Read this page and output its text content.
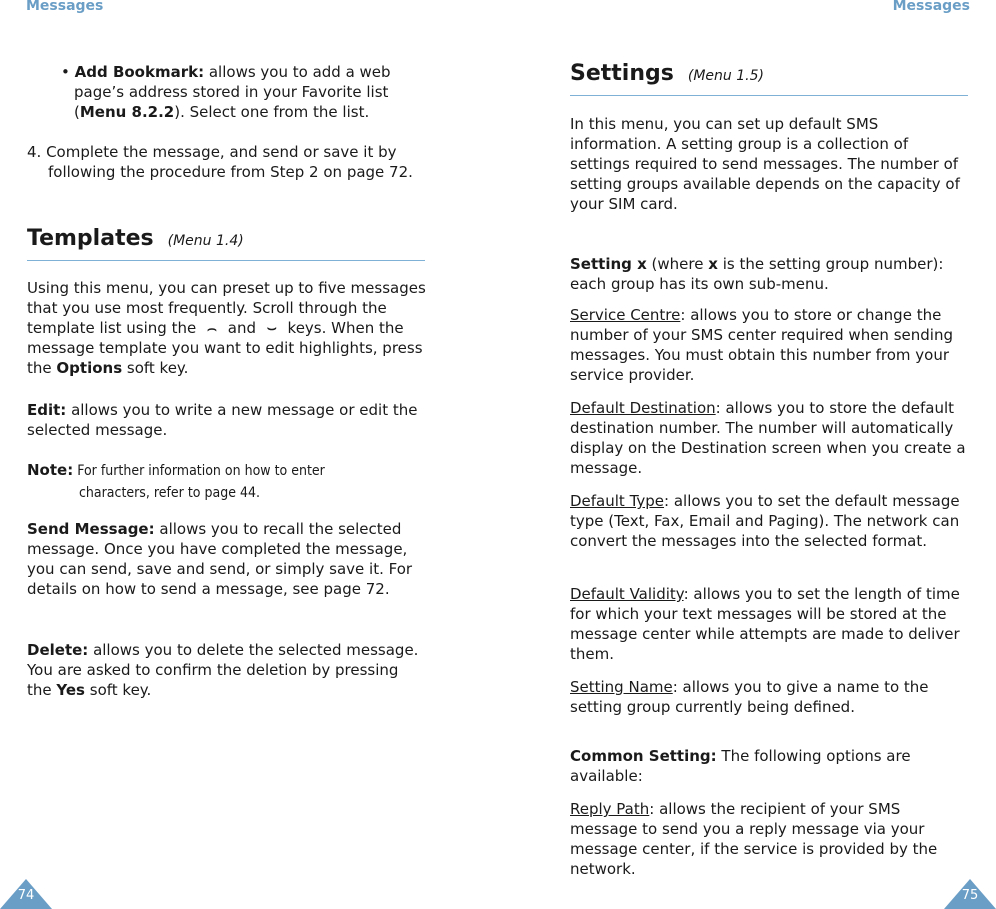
Messages

• Add Bookmark: allows you to add a web page’s address stored in your Favorite list (Menu 8.2.2). Select one from the list.

4. Complete the message, and send or save it by following the procedure from Step 2 on page 72.

Templates (Menu 1.4)

Using this menu, you can preset up to five messages that you use most frequently. Scroll through the template list using the ⌢ and ⌣ keys. When the message template you want to edit highlights, press the Options soft key.

Edit: allows you to write a new message or edit the selected message.

Note: For further information on how to enter

characters, refer to page 44.

Send Message: allows you to recall the selected message. Once you have completed the message, you can send, save and send, or simply save it. For details on how to send a message, see page 72.

Delete: allows you to delete the selected message. You are asked to confirm the deletion by pressing the Yes soft key.

74
Messages
Settings (Menu 1.5)

In this menu, you can set up default SMS information. A setting group is a collection of settings required to send messages. The number of setting groups available depends on the capacity of your SIM card.

Setting x (where x is the setting group number): each group has its own sub-menu.

Service Centre: allows you to store or change the number of your SMS center required when sending messages. You must obtain this number from your service provider.

Default Destination: allows you to store the default destination number. The number will automatically display on the Destination screen when you create a message.

Default Type: allows you to set the default message type (Text, Fax, Email and Paging). The network can convert the messages into the selected format.

Default Validity: allows you to set the length of time for which your text messages will be stored at the message center while attempts are made to deliver them.

Setting Name: allows you to give a name to the setting group currently being defined.

Common Setting: The following options are available:

Reply Path: allows the recipient of your SMS message to send you a reply message via your message center, if the service is provided by the network.

75
